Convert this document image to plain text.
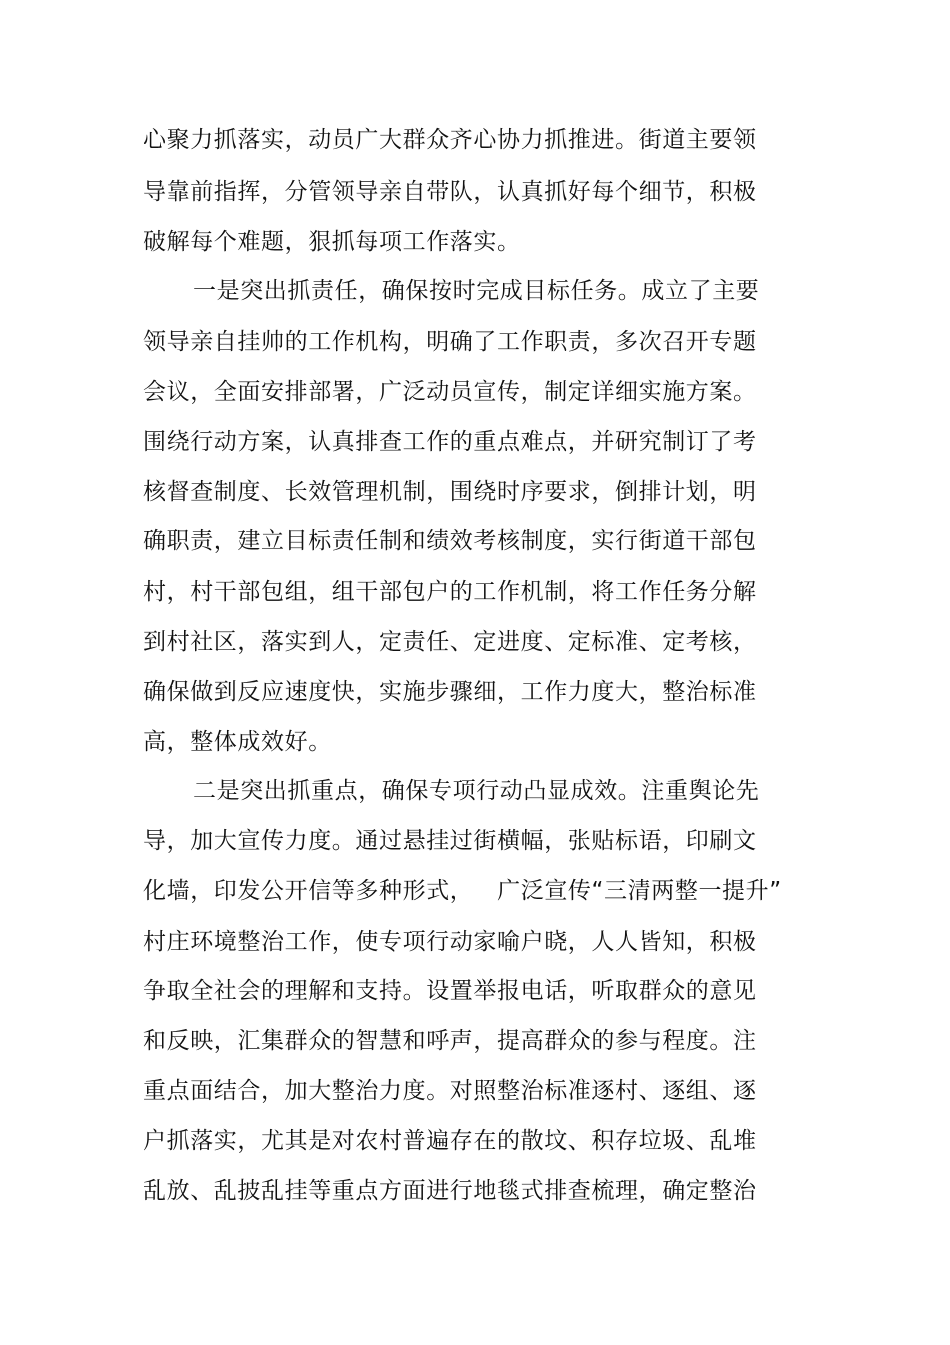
心聚力抓落实，动员广大群众齐心协力抓推进。街道主要领
导靠前指挥，分管领导亲自带队，认真抓好每个细节，积极
破解每个难题，狠抓每项工作落实。
一是突出抓责任，确保按时完成目标任务。成立了主要
领导亲自挂帅的工作机构，明确了工作职责，多次召开专题
会议，全面安排部署，广泛动员宣传，制定详细实施方案。
围绕行动方案，认真排查工作的重点难点，并研究制订了考
核督查制度、长效管理机制，围绕时序要求，倒排计划，明
确职责，建立目标责任制和绩效考核制度，实行街道干部包
村，村干部包组，组干部包户的工作机制，将工作任务分解
到村社区，落实到人，定责任、定进度、定标准、定考核，
确保做到反应速度快，实施步骤细，工作力度大，整治标准
高，整体成效好。
二是突出抓重点，确保专项行动凸显成效。注重舆论先
导，加大宣传力度。通过悬挂过街横幅，张贴标语，印刷文
化墙，印发公开信等多种形式，   广泛宣传“三清两整一提升”
村庄环境整治工作，使专项行动家喻户晓，人人皆知，积极
争取全社会的理解和支持。设置举报电话，听取群众的意见
和反映，汇集群众的智慧和呼声，提高群众的参与程度。注
重点面结合，加大整治力度。对照整治标准逐村、逐组、逐
户抓落实，尤其是对农村普遍存在的散坟、积存垃圾、乱堆
乱放、乱披乱挂等重点方面进行地毯式排查梳理，确定整治
